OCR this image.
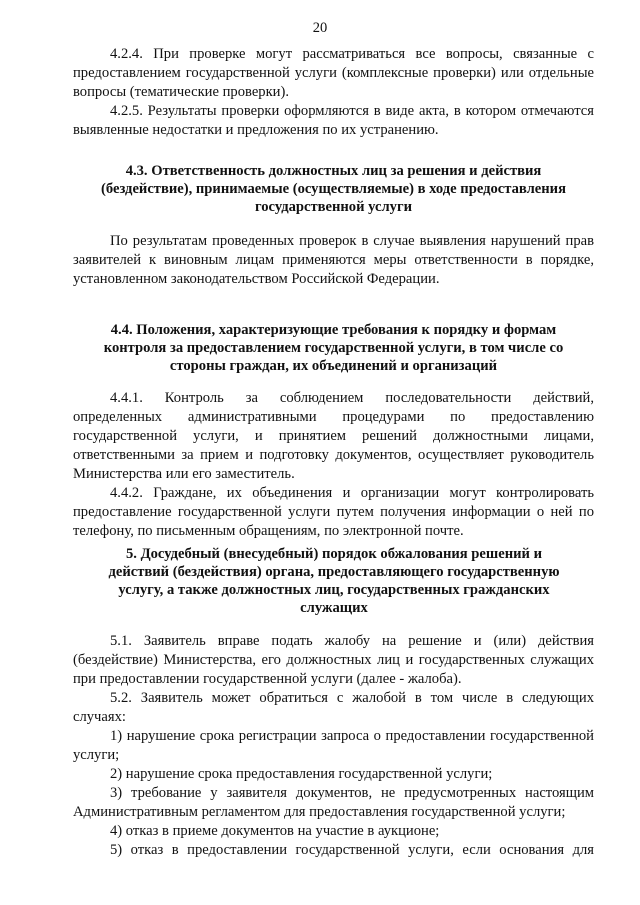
20

4.2.4. При проверке могут рассматриваться все вопросы, связанные с предоставлением государственной услуги (комплексные проверки) или отдельные вопросы (тематические проверки).

4.2.5. Результаты проверки оформляются в виде акта, в котором отмечаются выявленные недостатки и предложения по их устранению.

4.3. Ответственность должностных лиц за решения и действия (бездействие), принимаемые (осуществляемые) в ходе предоставления государственной услуги

По результатам проведенных проверок в случае выявления нарушений прав заявителей к виновным лицам применяются меры ответственности в порядке, установленном законодательством Российской Федерации.

4.4. Положения, характеризующие требования к порядку и формам контроля за предоставлением государственной услуги, в том числе со стороны граждан, их объединений и организаций

4.4.1. Контроль за соблюдением последовательности действий, определенных административными процедурами по предоставлению государственной услуги, и принятием решений должностными лицами, ответственными за прием и подготовку документов, осуществляет руководитель Министерства или его заместитель.

4.4.2. Граждане, их объединения и организации могут контролировать предоставление государственной услуги путем получения информации о ней по телефону, по письменным обращениям, по электронной почте.

5. Досудебный (внесудебный) порядок обжалования решений и действий (бездействия) органа, предоставляющего государственную услугу, а также должностных лиц, государственных гражданских служащих

5.1. Заявитель вправе подать жалобу на решение и (или) действия (бездействие) Министерства, его должностных лиц и государственных служащих при предоставлении государственной услуги (далее - жалоба).

5.2. Заявитель может обратиться с жалобой в том числе в следующих случаях:

1) нарушение срока регистрации запроса о предоставлении государственной услуги;

2) нарушение срока предоставления государственной услуги;

3) требование у заявителя документов, не предусмотренных настоящим Административным регламентом для предоставления государственной услуги;

4) отказ в приеме документов на участие в аукционе;

5) отказ в предоставлении государственной услуги, если основания для
